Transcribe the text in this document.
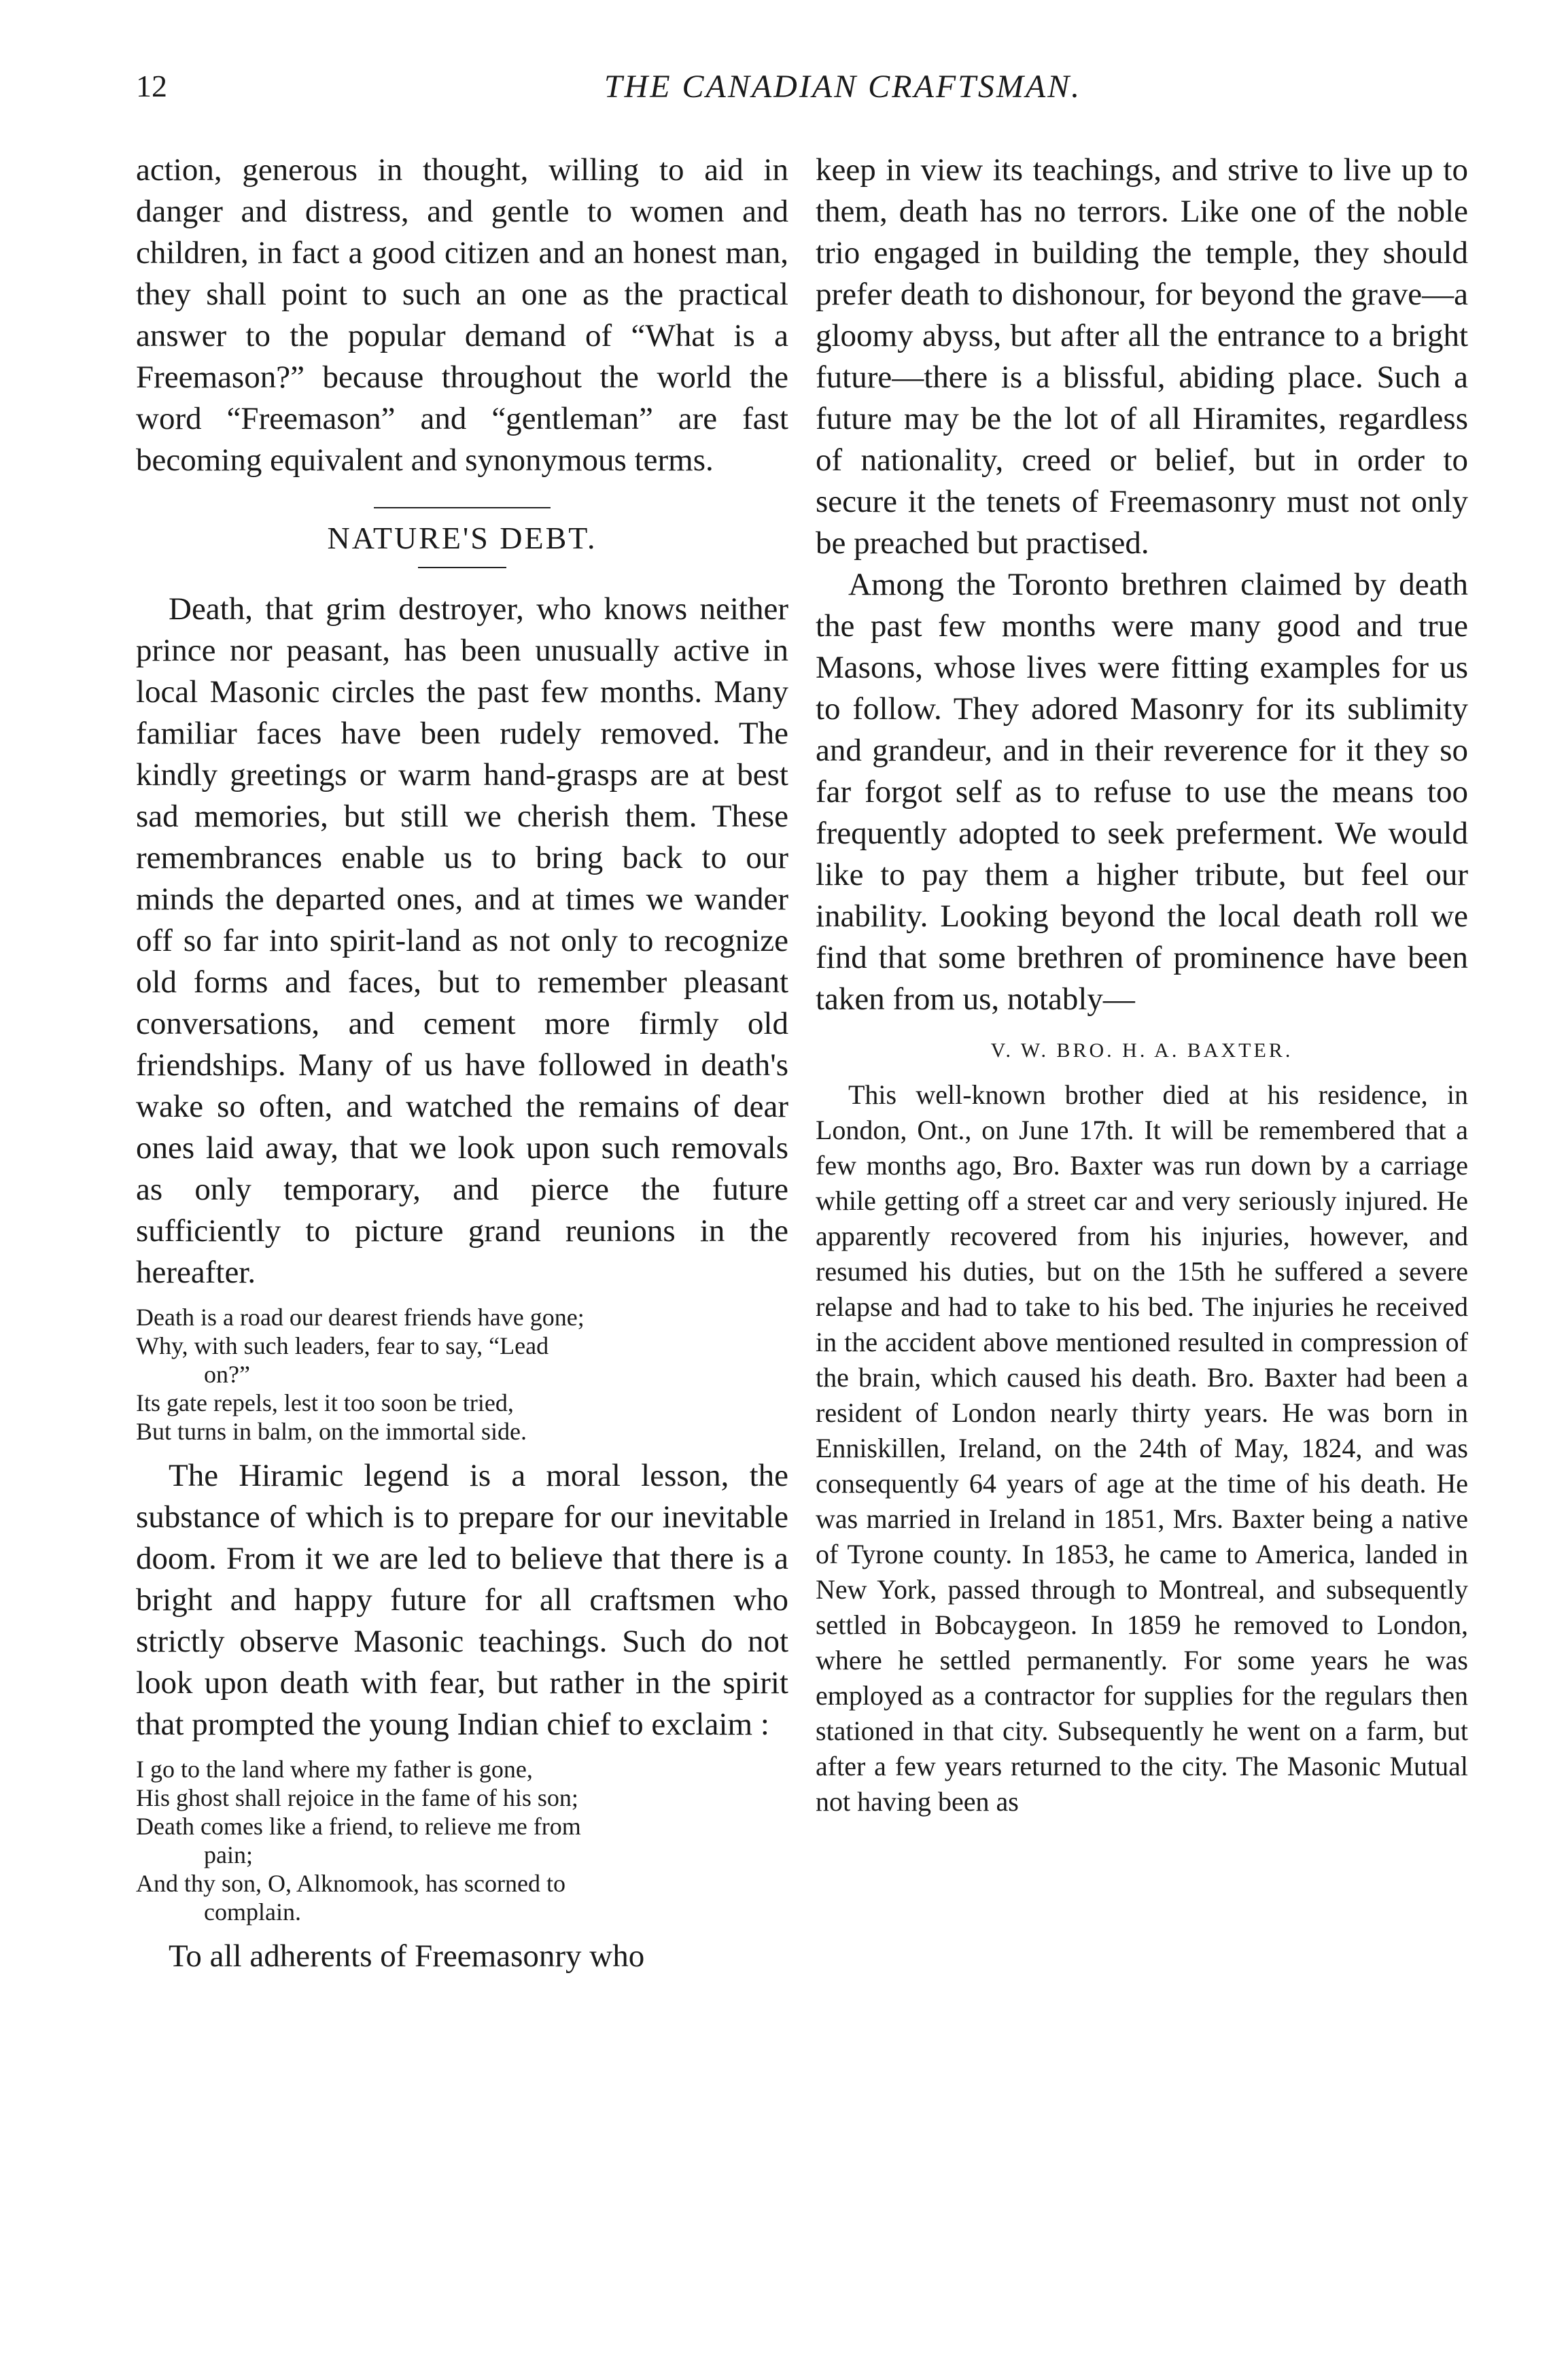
12	THE CANADIAN CRAFTSMAN.

action, generous in thought, willing to aid in danger and distress, and gentle to women and children, in fact a good citizen and an honest man, they shall point to such an one as the practical answer to the popular demand of “What is a Freemason?” because throughout the world the word “Freemason” and “gentleman” are fast becoming equivalent and synonymous terms.

NATURE'S DEBT.

Death, that grim destroyer, who knows neither prince nor peasant, has been unusually active in local Masonic circles the past few months. Many familiar faces have been rudely removed. The kindly greetings or warm hand-grasps are at best sad memories, but still we cherish them. These remembrances enable us to bring back to our minds the departed ones, and at times we wander off so far into spirit-land as not only to recognize old forms and faces, but to remember pleasant conversations, and cement more firmly old friendships. Many of us have followed in death's wake so often, and watched the remains of dear ones laid away, that we look upon such removals as only temporary, and pierce the future sufficiently to picture grand reunions in the hereafter.

Death is a road our dearest friends have gone;
Why, with such leaders, fear to say, “Lead
on?”
Its gate repels, lest it too soon be tried,
But turns in balm, on the immortal side.

The Hiramic legend is a moral lesson, the substance of which is to prepare for our inevitable doom. From it we are led to believe that there is a bright and happy future for all craftsmen who strictly observe Masonic teachings. Such do not look upon death with fear, but rather in the spirit that prompted the young Indian chief to exclaim :

I go to the land where my father is gone,
His ghost shall rejoice in the fame of his son;
Death comes like a friend, to relieve me from
pain;
And thy son, O, Alknomook, has scorned to
complain.

To all adherents of Freemasonry who

keep in view its teachings, and strive to live up to them, death has no terrors. Like one of the noble trio engaged in building the temple, they should prefer death to dishonour, for beyond the grave—a gloomy abyss, but after all the entrance to a bright future—there is a blissful, abiding place. Such a future may be the lot of all Hiramites, regardless of nationality, creed or belief, but in order to secure it the tenets of Freemasonry must not only be preached but practised.

Among the Toronto brethren claimed by death the past few months were many good and true Masons, whose lives were fitting examples for us to follow. They adored Masonry for its sublimity and grandeur, and in their reverence for it they so far forgot self as to refuse to use the means too frequently adopted to seek preferment. We would like to pay them a higher tribute, but feel our inability. Looking beyond the local death roll we find that some brethren of prominence have been taken from us, notably—

V. W. BRO. H. A. BAXTER.

This well-known brother died at his residence, in London, Ont., on June 17th. It will be remembered that a few months ago, Bro. Baxter was run down by a carriage while getting off a street car and very seriously injured. He apparently recovered from his injuries, however, and resumed his duties, but on the 15th he suffered a severe relapse and had to take to his bed. The injuries he received in the accident above mentioned resulted in compression of the brain, which caused his death. Bro. Baxter had been a resident of London nearly thirty years. He was born in Enniskillen, Ireland, on the 24th of May, 1824, and was consequently 64 years of age at the time of his death. He was married in Ireland in 1851, Mrs. Baxter being a native of Tyrone county. In 1853, he came to America, landed in New York, passed through to Montreal, and subsequently settled in Bobcaygeon. In 1859 he removed to London, where he settled permanently. For some years he was employed as a contractor for supplies for the regulars then stationed in that city. Subsequently he went on a farm, but after a few years returned to the city. The Masonic Mutual not having been as
